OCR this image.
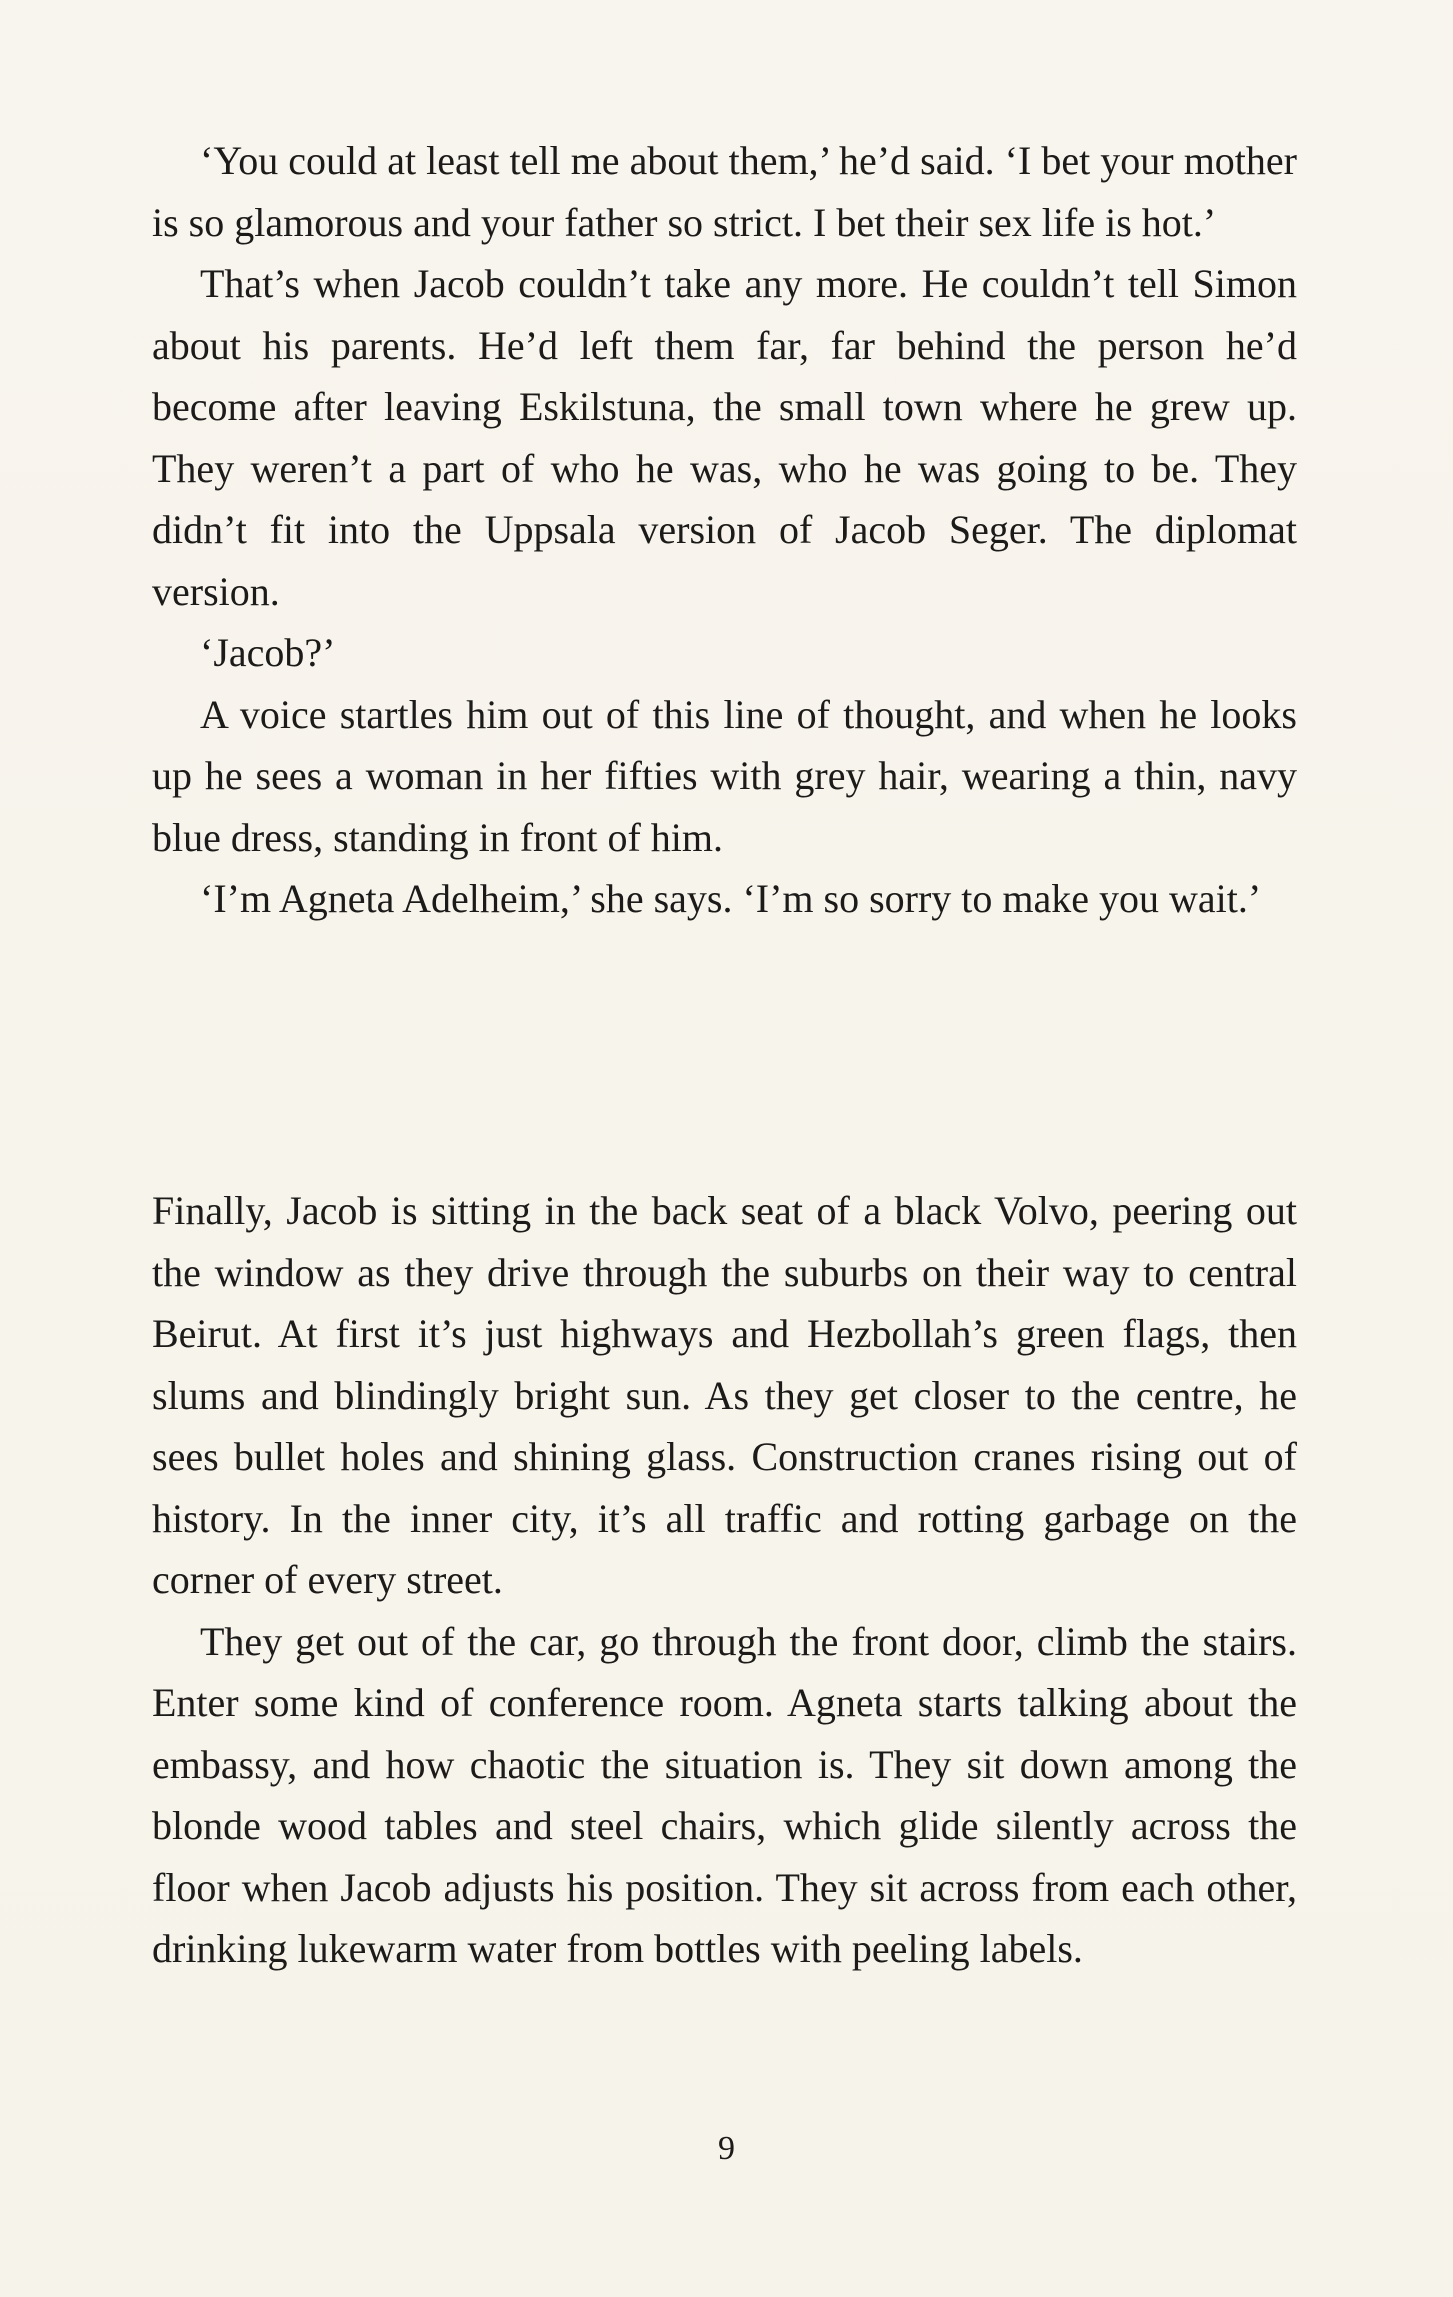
‘You could at least tell me about them,’ he’d said. ‘I bet your mother is so glamorous and your father so strict. I bet their sex life is hot.’

That’s when Jacob couldn’t take any more. He couldn’t tell Simon about his parents. He’d left them far, far behind the person he’d become after leaving Eskilstuna, the small town where he grew up. They weren’t a part of who he was, who he was going to be. They didn’t fit into the Uppsala version of Jacob Seger. The diplomat version.

‘Jacob?’

A voice startles him out of this line of thought, and when he looks up he sees a woman in her fifties with grey hair, wearing a thin, navy blue dress, standing in front of him.

‘I’m Agneta Adelheim,’ she says. ‘I’m so sorry to make you wait.’

Finally, Jacob is sitting in the back seat of a black Volvo, peering out the window as they drive through the suburbs on their way to central Beirut. At first it’s just highways and Hezbollah’s green flags, then slums and blindingly bright sun. As they get closer to the centre, he sees bullet holes and shining glass. Construction cranes rising out of history. In the inner city, it’s all traffic and rotting garbage on the corner of every street.

They get out of the car, go through the front door, climb the stairs. Enter some kind of conference room. Agneta starts talking about the embassy, and how chaotic the situation is. They sit down among the blonde wood tables and steel chairs, which glide silently across the floor when Jacob adjusts his position. They sit across from each other, drinking lukewarm water from bottles with peeling labels.

9
